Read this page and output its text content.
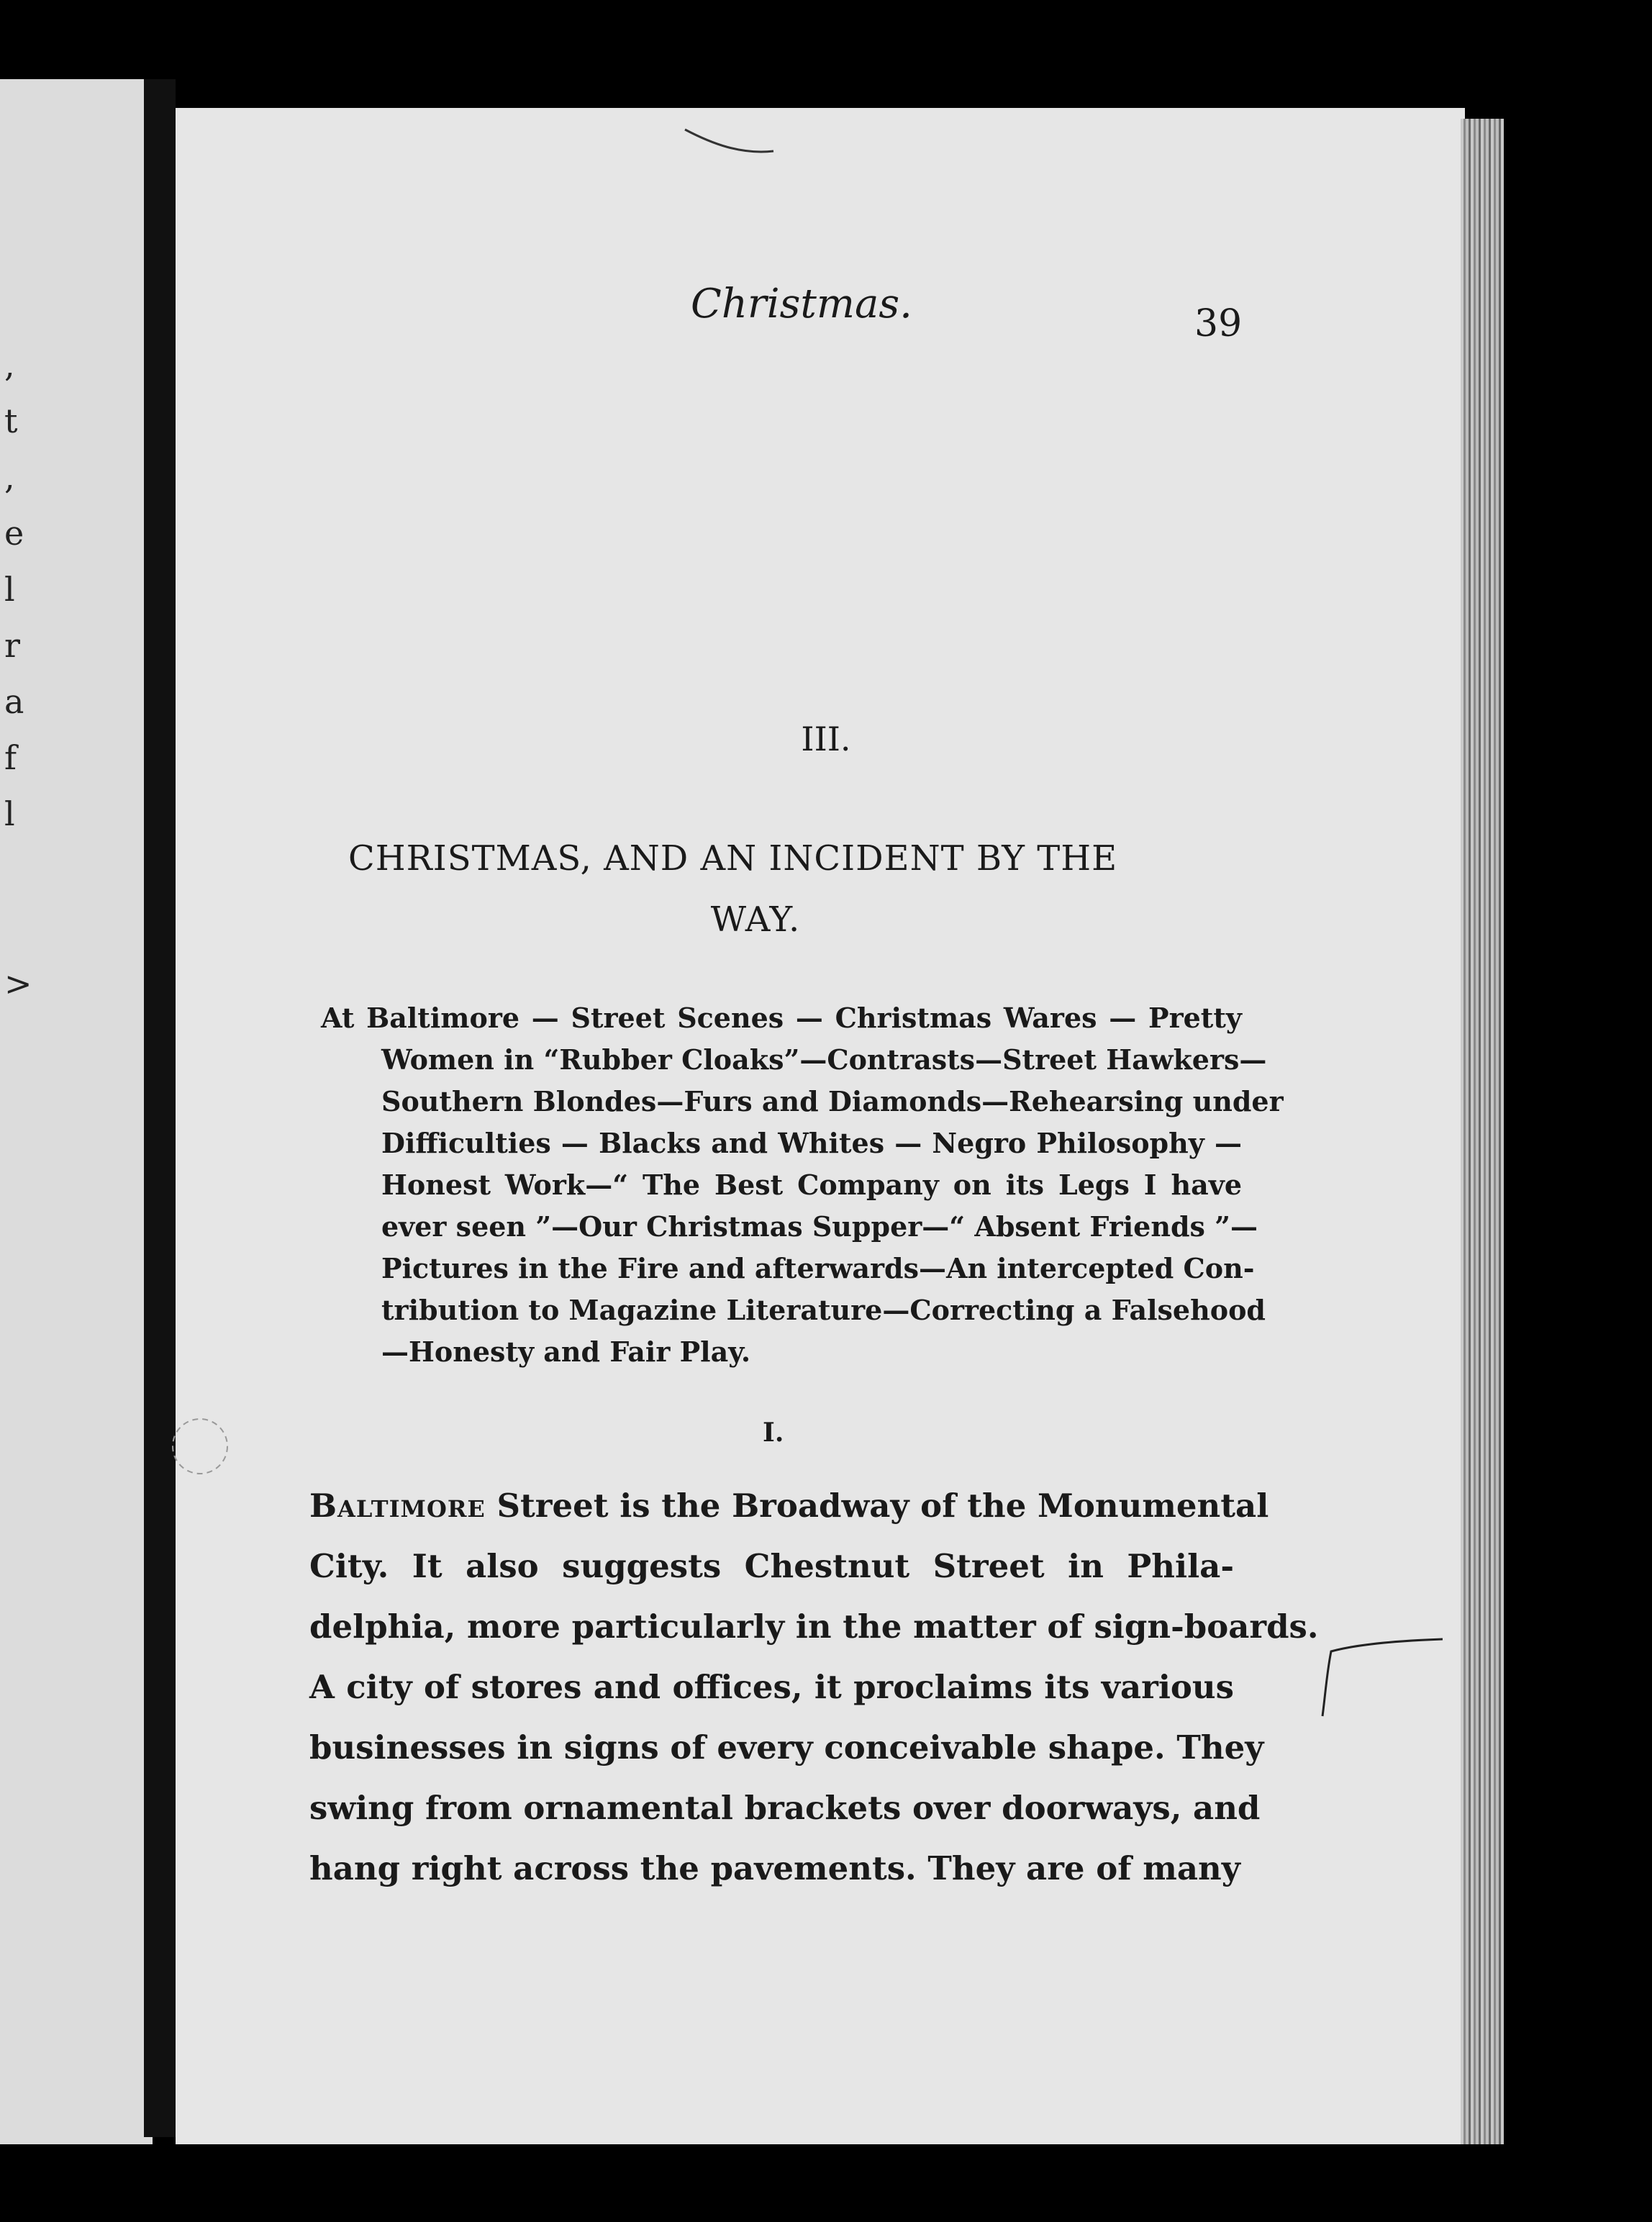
,
t
,
e
l
r
a
f
l
>
Christmas.	39
III.
CHRISTMAS, AND AN INCIDENT BY THE
WAY.
At Baltimore — Street Scenes — Christmas Wares — Pretty
Women in “Rubber Cloaks”—Contrasts—Street Hawkers—
Southern Blondes—Furs and Diamonds—Rehearsing under
Difficulties — Blacks and Whites — Negro Philosophy —
Honest Work—“ The Best Company on its Legs I have
ever seen ”—Our Christmas Supper—“ Absent Friends ”—
Pictures in the Fire and afterwards—An intercepted Con-
tribution to Magazine Literature—Correcting a Falsehood
—Honesty and Fair Play.
I.
Baltimore Street is the Broadway of the Monumental
City. It also suggests Chestnut Street in Phila-
delphia, more particularly in the matter of sign-boards.
A city of stores and offices, it proclaims its various
businesses in signs of every conceivable shape. They
swing from ornamental brackets over doorways, and
hang right across the pavements. They are of many
